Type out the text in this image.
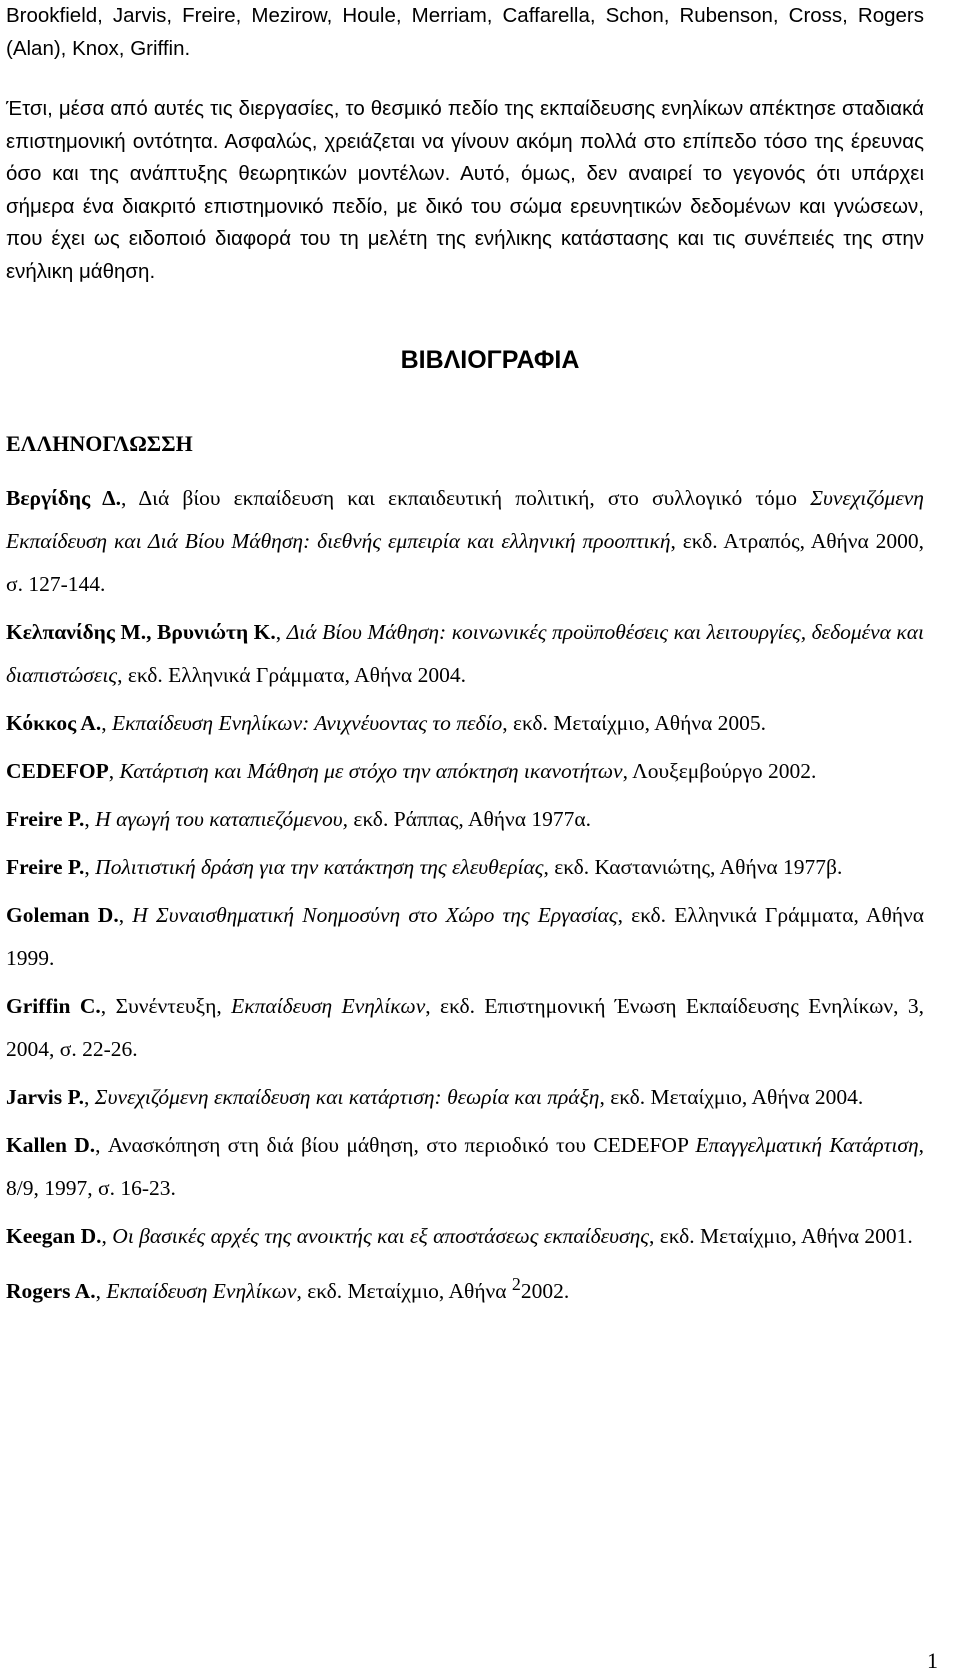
Brookfield, Jarvis, Freire, Mezirow, Houle, Merriam, Caffarella, Schon, Rubenson, Cross, Rogers (Alan), Knox, Griffin.

Έτσι, μέσα από αυτές τις διεργασίες, το θεσμικό πεδίο της εκπαίδευσης ενηλίκων απέκτησε σταδιακά επιστημονική οντότητα. Ασφαλώς, χρειάζεται να γίνουν ακόμη πολλά στο επίπεδο τόσο της έρευνας όσο και της ανάπτυξης θεωρητικών μοντέλων. Αυτό, όμως, δεν αναιρεί το γεγονός ότι υπάρχει σήμερα ένα διακριτό επιστημονικό πεδίο, με δικό του σώμα ερευνητικών δεδομένων και γνώσεων, που έχει ως ειδοποιό διαφορά του τη μελέτη της ενήλικης κατάστασης και τις συνέπειές της στην ενήλικη μάθηση.

ΒΙΒΛΙΟΓΡΑΦΙΑ
ΕΛΛΗΝΟΓΛΩΣΣΗ

Βεργίδης Δ., Διά βίου εκπαίδευση και εκπαιδευτική πολιτική, στο συλλογικό τόμο Συνεχιζόμενη Εκπαίδευση και Διά Βίου Μάθηση: διεθνής εμπειρία και ελληνική προοπτική, εκδ. Ατραπός, Αθήνα 2000, σ. 127-144.

Κελπανίδης Μ., Βρυνιώτη Κ., Διά Βίου Μάθηση: κοινωνικές προϋποθέσεις και λειτουργίες, δεδομένα και διαπιστώσεις, εκδ. Ελληνικά Γράμματα, Αθήνα 2004.

Κόκκος Α., Εκπαίδευση Ενηλίκων: Ανιχνέυοντας το πεδίο, εκδ. Μεταίχμιο, Αθήνα 2005.

CEDEFOP, Κατάρτιση και Μάθηση με στόχο την απόκτηση ικανοτήτων, Λουξεμβούργο 2002.

Freire P., Η αγωγή του καταπιεζόμενου, εκδ. Ράππας, Αθήνα 1977α.

Freire P., Πολιτιστική δράση για την κατάκτηση της ελευθερίας, εκδ. Καστανιώτης, Αθήνα 1977β.

Goleman D., Η Συναισθηματική Νοημοσύνη στο Χώρο της Εργασίας, εκδ. Ελληνικά Γράμματα, Αθήνα 1999.

Griffin C., Συνέντευξη, Εκπαίδευση Ενηλίκων, εκδ. Επιστημονική Ένωση Εκπαίδευσης Ενηλίκων, 3, 2004, σ. 22-26.

Jarvis P., Συνεχιζόμενη εκπαίδευση και κατάρτιση: θεωρία και πράξη, εκδ. Μεταίχμιο, Αθήνα 2004.

Kallen D., Ανασκόπηση στη διά βίου μάθηση, στο περιοδικό του CEDEFOP Επαγγελματική Κατάρτιση, 8/9, 1997, σ. 16-23.

Keegan D., Οι βασικές αρχές της ανοικτής και εξ αποστάσεως εκπαίδευσης, εκδ. Μεταίχμιο, Αθήνα 2001.

Rogers A., Εκπαίδευση Ενηλίκων, εκδ. Μεταίχμιο, Αθήνα $^2$2002.

1
